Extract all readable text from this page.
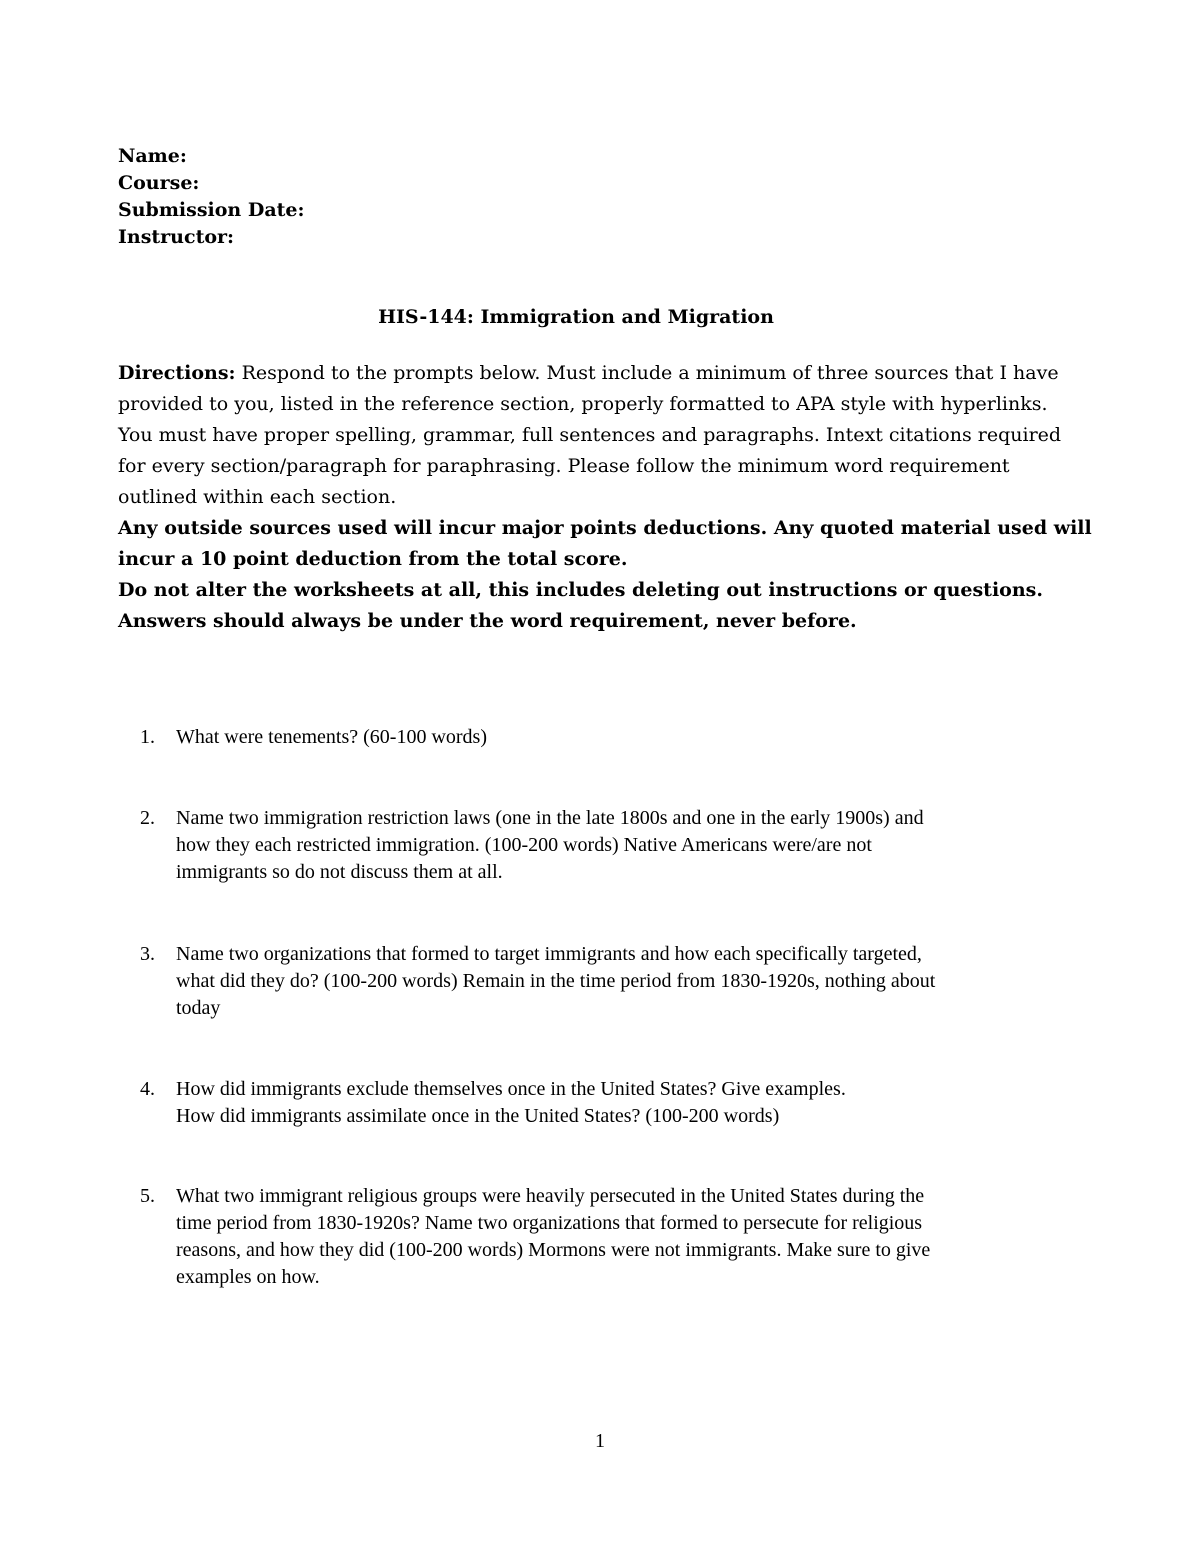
Name:
Course:
Submission Date:
Instructor:
HIS-144: Immigration and Migration
Directions: Respond to the prompts below. Must include a minimum of three sources that I have
provided to you, listed in the reference section, properly formatted to APA style with hyperlinks.
You must have proper spelling, grammar, full sentences and paragraphs. Intext citations required
for every section/paragraph for paraphrasing. Please follow the minimum word requirement
outlined within each section.
Any outside sources used will incur major points deductions. Any quoted material used will
incur a 10 point deduction from the total score.
Do not alter the worksheets at all, this includes deleting out instructions or questions.
Answers should always be under the word requirement, never before.
1.	What were tenements? (60-100 words)
2.	Name two immigration restriction laws (one in the late 1800s and one in the early 1900s) and
how they each restricted immigration. (100-200 words) Native Americans were/are not
immigrants so do not discuss them at all.
3.	Name two organizations that formed to target immigrants and how each specifically targeted,
what did they do? (100-200 words) Remain in the time period from 1830-1920s, nothing about
today
4.	How did immigrants exclude themselves once in the United States? Give examples.
How did immigrants assimilate once in the United States? (100-200 words)
5.	What two immigrant religious groups were heavily persecuted in the United States during the
time period from 1830-1920s? Name two organizations that formed to persecute for religious
reasons, and how they did (100-200 words) Mormons were not immigrants. Make sure to give
examples on how.
1
